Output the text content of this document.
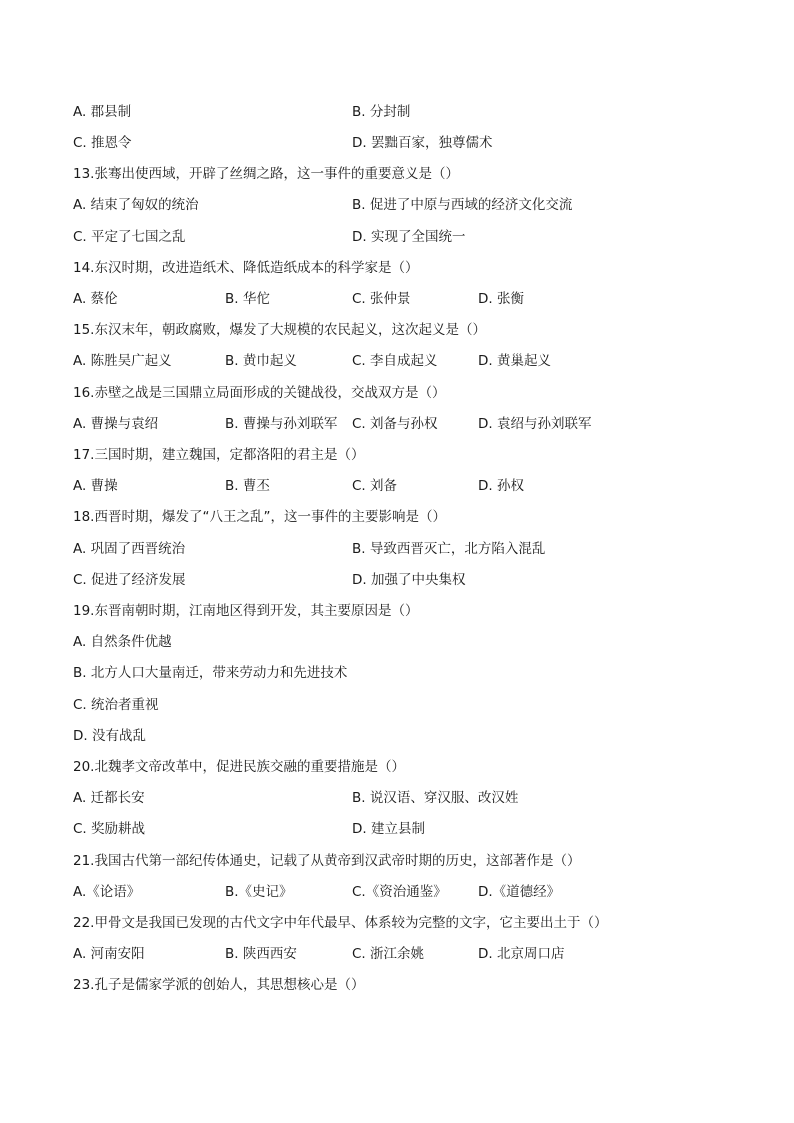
A. 郡县制	B. 分封制
C. 推恩令	D. 罢黜百家，独尊儒术
13.张骞出使西域，开辟了丝绸之路，这一事件的重要意义是（）
A. 结束了匈奴的统治	B. 促进了中原与西域的经济文化交流
C. 平定了七国之乱	D. 实现了全国统一
14.东汉时期，改进造纸术、降低造纸成本的科学家是（）
A. 蔡伦	B. 华佗	C. 张仲景	D. 张衡
15.东汉末年，朝政腐败，爆发了大规模的农民起义，这次起义是（）
A. 陈胜吴广起义	B. 黄巾起义	C. 李自成起义	D. 黄巢起义
16.赤壁之战是三国鼎立局面形成的关键战役，交战双方是（）
A. 曹操与袁绍	B. 曹操与孙刘联军 C. 刘备与孙权	D. 袁绍与孙刘联军
17.三国时期，建立魏国，定都洛阳的君主是（）
A. 曹操	B. 曹丕	C. 刘备	D. 孙权
18.西晋时期，爆发了“八王之乱”，这一事件的主要影响是（）
A. 巩固了西晋统治	B. 导致西晋灭亡，北方陷入混乱
C. 促进了经济发展	D. 加强了中央集权
19.东晋南朝时期，江南地区得到开发，其主要原因是（）
A. 自然条件优越
B. 北方人口大量南迁，带来劳动力和先进技术
C. 统治者重视
D. 没有战乱
20.北魏孝文帝改革中，促进民族交融的重要措施是（）
A. 迁都长安	B. 说汉语、穿汉服、改汉姓
C. 奖励耕战	D. 建立县制
21.我国古代第一部纪传体通史，记载了从黄帝到汉武帝时期的历史，这部著作是（）
A.《论语》	B.《史记》	C.《资治通鉴》 D.《道德经》
22.甲骨文是我国已发现的古代文字中年代最早、体系较为完整的文字，它主要出土于（）
A. 河南安阳	B. 陕西西安	C. 浙江余姚	D. 北京周口店
23.孔子是儒家学派的创始人，其思想核心是（）
